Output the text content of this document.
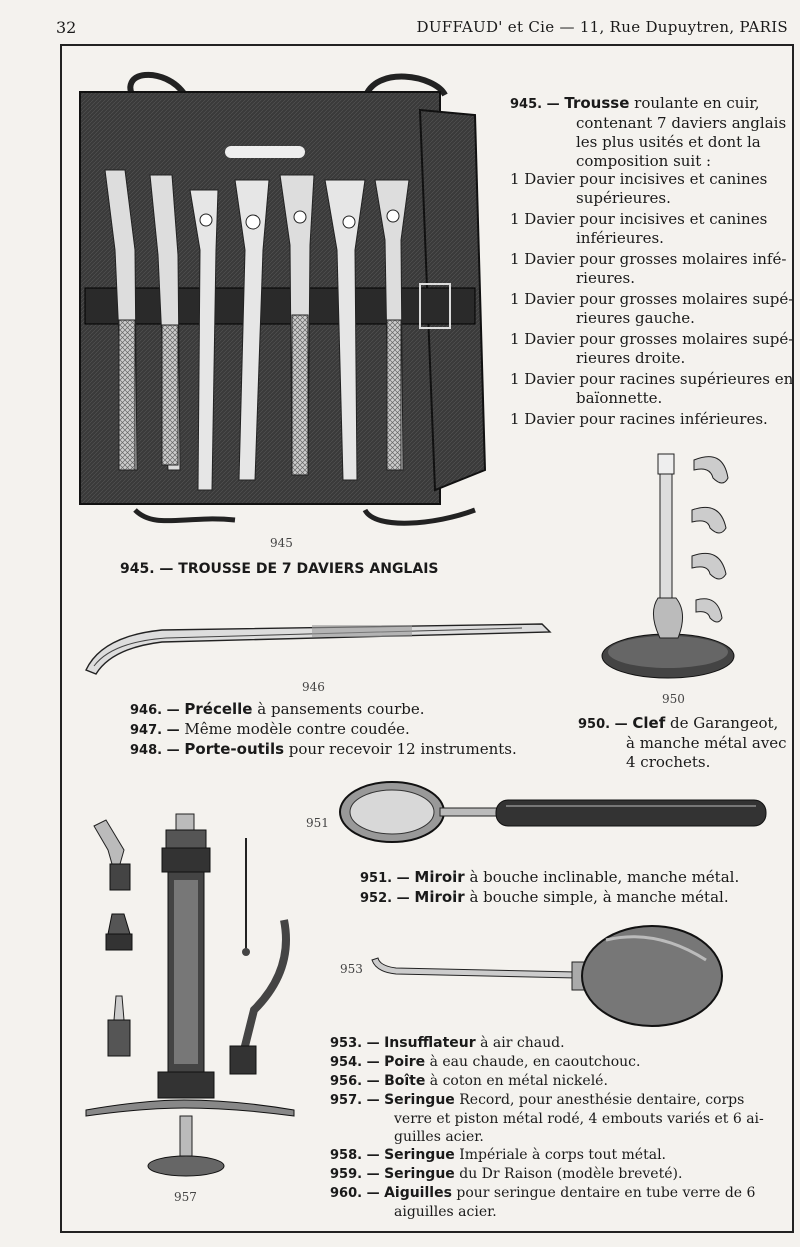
32	DUFFAUD' et Cie — 11, Rue Dupuytren, PARIS
945
945. — TROUSSE DE 7 DAVIERS ANGLAIS
945. — Trousse roulante en cuir,
contenant 7 daviers anglais
les plus usités et dont la
composition suit :
1 Davier pour incisives et canines
supérieures.
1 Davier pour incisives et canines
inférieures.
1 Davier pour grosses molaires infé-
rieures.
1 Davier pour grosses molaires supé-
rieures gauche.
1 Davier pour grosses molaires supé-
rieures droite.
1 Davier pour racines supérieures en
baïonnette.
1 Davier pour racines inférieures.
950
950. — Clef de Garangeot,
à manche métal avec
4 crochets.
946
946. — Précelle à pansements courbe.
947. — Même modèle contre coudée.
948. — Porte-outils pour recevoir 12 instruments.
951
951. — Miroir à bouche inclinable, manche métal.
952. — Miroir à bouche simple, à manche métal.
953
957
953. — Insufflateur à air chaud.
954. — Poire à eau chaude, en caoutchouc.
956. — Boîte à coton en métal nickelé.
957. — Seringue Record, pour anesthésie dentaire, corps
verre et piston métal rodé, 4 embouts variés et 6 ai-
guilles acier.
958. — Seringue Impériale à corps tout métal.
959. — Seringue du Dr Raison (modèle breveté).
960. — Aiguilles pour seringue dentaire en tube verre de 6
aiguilles acier.
